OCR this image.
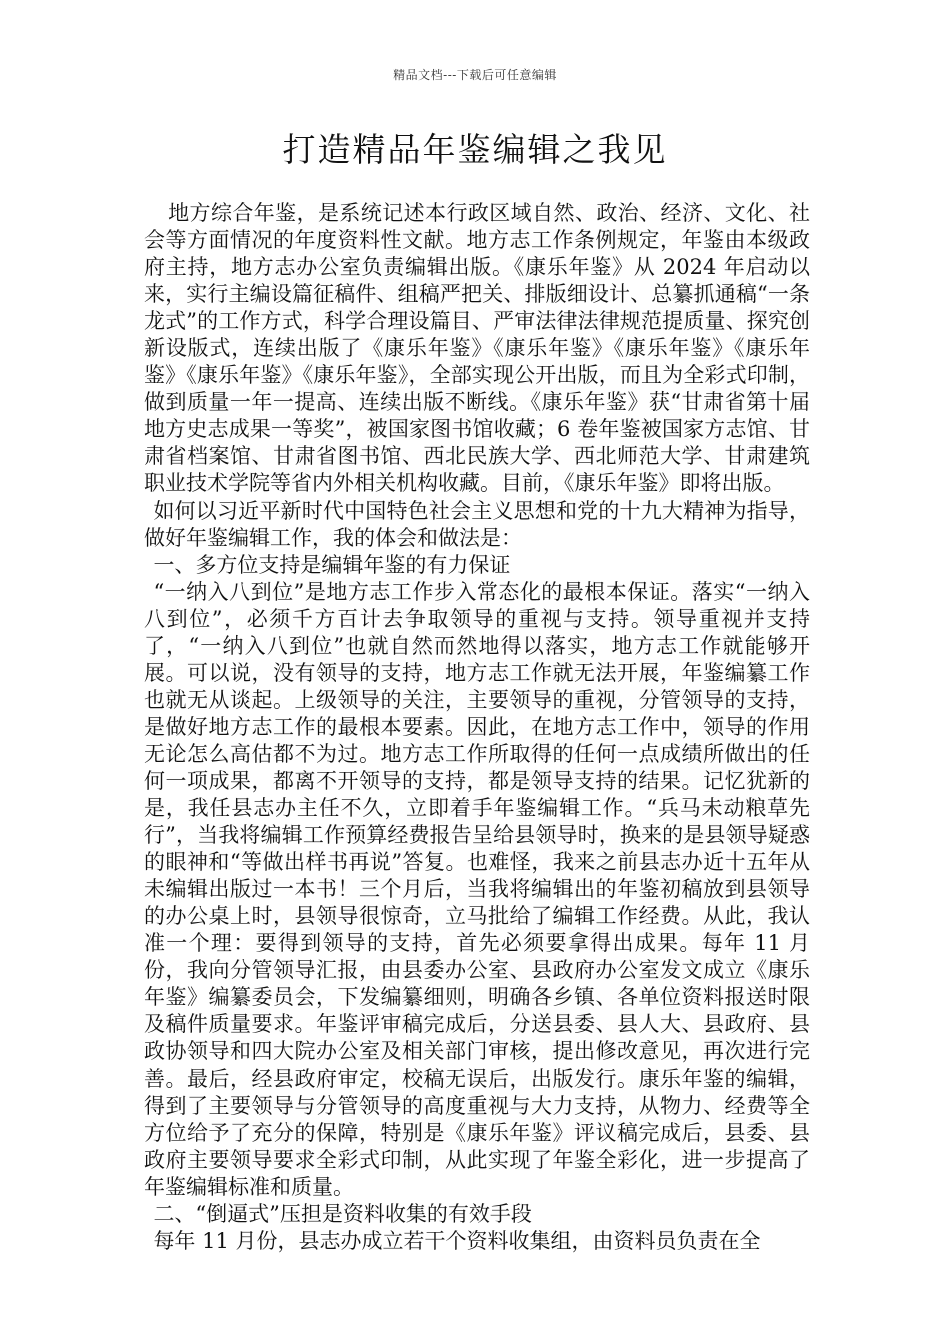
精品文档---下载后可任意编辑
打造精品年鉴编辑之我见

地方综合年鉴，是系统记述本行政区域自然、政治、经济、文化、社会等方面情况的年度资料性文献。地方志工作条例规定，年鉴由本级政府主持，地方志办公室负责编辑出版。《康乐年鉴》从 2024 年启动以来，实行主编设篇征稿件、组稿严把关、排版细设计、总纂抓通稿“一条龙式”的工作方式，科学合理设篇目、严审法律法律规范提质量、探究创新设版式，连续出版了《康乐年鉴》《康乐年鉴》《康乐年鉴》《康乐年鉴》《康乐年鉴》《康乐年鉴》，全部实现公开出版，而且为全彩式印制，做到质量一年一提高、连续出版不断线。《康乐年鉴》获“甘肃省第十届地方史志成果一等奖”，被国家图书馆收藏；6 卷年鉴被国家方志馆、甘肃省档案馆、甘肃省图书馆、西北民族大学、西北师范大学、甘肃建筑职业技术学院等省内外相关机构收藏。目前，《康乐年鉴》即将出版。

如何以习近平新时代中国特色社会主义思想和党的十九大精神为指导，做好年鉴编辑工作，我的体会和做法是：

一、多方位支持是编辑年鉴的有力保证

“一纳入八到位”是地方志工作步入常态化的最根本保证。落实“一纳入八到位”，必须千方百计去争取领导的重视与支持。领导重视并支持了，“一纳入八到位”也就自然而然地得以落实，地方志工作就能够开展。可以说，没有领导的支持，地方志工作就无法开展，年鉴编纂工作也就无从谈起。上级领导的关注，主要领导的重视，分管领导的支持，是做好地方志工作的最根本要素。因此，在地方志工作中，领导的作用无论怎么高估都不为过。地方志工作所取得的任何一点成绩所做出的任何一项成果，都离不开领导的支持，都是领导支持的结果。记忆犹新的是，我任县志办主任不久，立即着手年鉴编辑工作。“兵马未动粮草先行”，当我将编辑工作预算经费报告呈给县领导时，换来的是县领导疑惑的眼神和“等做出样书再说”答复。也难怪，我来之前县志办近十五年从未编辑出版过一本书！三个月后，当我将编辑出的年鉴初稿放到县领导的办公桌上时，县领导很惊奇，立马批给了编辑工作经费。从此，我认准一个理：要得到领导的支持，首先必须要拿得出成果。每年 11 月份，我向分管领导汇报，由县委办公室、县政府办公室发文成立《康乐年鉴》编纂委员会，下发编纂细则，明确各乡镇、各单位资料报送时限及稿件质量要求。年鉴评审稿完成后，分送县委、县人大、县政府、县政协领导和四大院办公室及相关部门审核，提出修改意见，再次进行完善。最后，经县政府审定，校稿无误后，出版发行。康乐年鉴的编辑，得到了主要领导与分管领导的高度重视与大力支持，从物力、经费等全方位给予了充分的保障，特别是《康乐年鉴》评议稿完成后，县委、县政府主要领导要求全彩式印制，从此实现了年鉴全彩化，进一步提高了年鉴编辑标准和质量。

二、“倒逼式”压担是资料收集的有效手段

每年 11 月份，县志办成立若干个资料收集组，由资料员负责在全
